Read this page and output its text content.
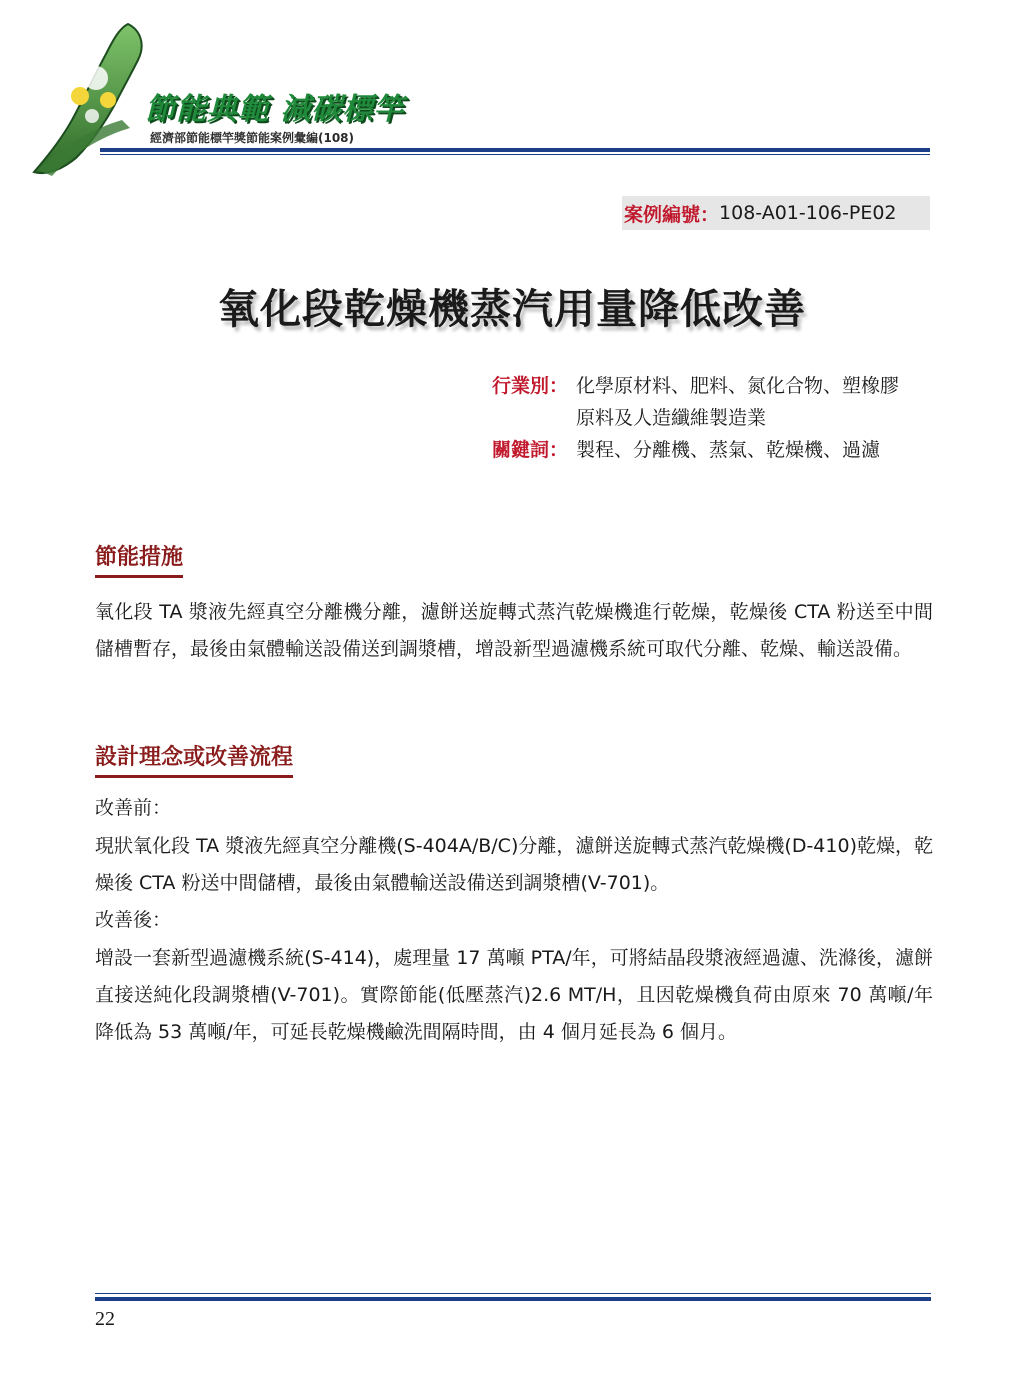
節能典範 減碳標竿
經濟部節能標竿獎節能案例彙編(108)
案例編號： 108-A01-106-PE02
氧化段乾燥機蒸汽用量降低改善
行業別： 化學原材料、肥料、氮化合物、塑橡膠原料及人造纖維製造業
關鍵詞： 製程、分離機、蒸氣、乾燥機、過濾
節能措施
氧化段 TA 漿液先經真空分離機分離，濾餅送旋轉式蒸汽乾燥機進行乾燥，乾燥後 CTA 粉送至中間儲槽暫存，最後由氣體輸送設備送到調漿槽，增設新型過濾機系統可取代分離、乾燥、輸送設備。
設計理念或改善流程
改善前：
現狀氧化段 TA 漿液先經真空分離機(S-404A/B/C)分離，濾餅送旋轉式蒸汽乾燥機(D-410)乾燥，乾燥後 CTA 粉送中間儲槽，最後由氣體輸送設備送到調漿槽(V-701)。
改善後：
增設一套新型過濾機系統(S-414)，處理量 17 萬噸 PTA/年，可將結晶段漿液經過濾、洗滌後，濾餅直接送純化段調漿槽(V-701)。實際節能(低壓蒸汽)2.6 MT/H，且因乾燥機負荷由原來 70 萬噸/年降低為 53 萬噸/年，可延長乾燥機鹼洗間隔時間，由 4 個月延長為 6 個月。
22
